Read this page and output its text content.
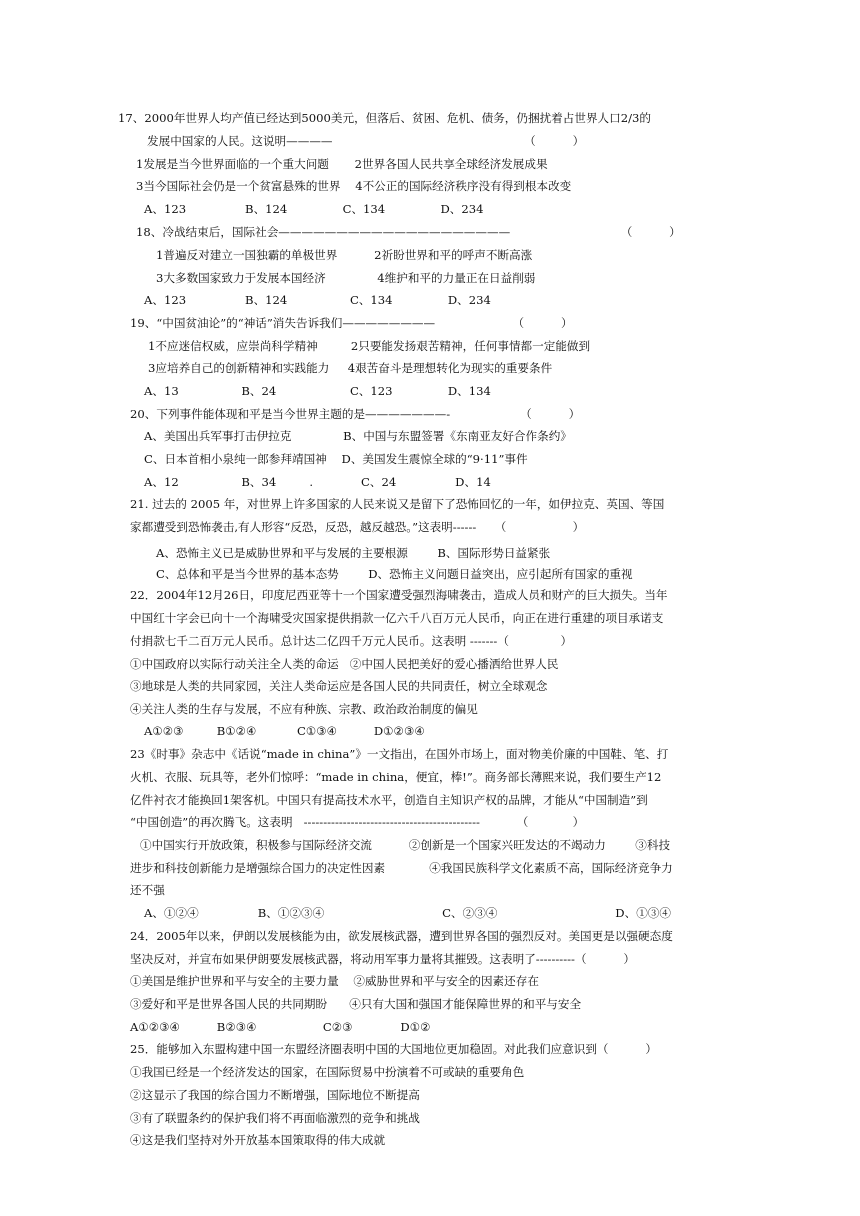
17、2000年世界人均产值已经达到5000美元，但落后、贫困、危机、债务，仍捆扰着占世界人口2/3的
发展中国家的人民。这说明————                                                    （          ）
1发展是当今世界面临的一个重大问题       2世界各国人民共享全球经济发展成果
3当今国际社会仍是一个贫富悬殊的世界    4不公正的国际经济秩序没有得到根本改变
A、123                B、124               C、134               D、234
18、冷战结束后，国际社会————————————————————                              （          ）
1普遍反对建立一国独霸的单极世界          2祈盼世界和平的呼声不断高涨
3大多数国家致力于发展本国经济              4维护和平的力量正在日益削弱
A、123                B、124                 C、134               D、234
19、“中国贫油论”的“神话”消失告诉我们————————                     （          ）
1不应迷信权威，应崇尚科学精神         2只要能发扬艰苦精神，任何事情都一定能做到
3应培养自己的创新精神和实践能力     4艰苦奋斗是理想转化为现实的重要条件
A、13                 B、24                    C、123               D、134
20、下列事件能体现和平是当今世界主题的是———————-                   （          ）
A、美国出兵军事打击伊拉克              B、中国与东盟签署《东南亚友好合作条约》
C、日本首相小泉纯一郎参拜靖国神    D、美国发生震惊全球的“9·11”事件
A、12                 B、34         .             C、24                D、14
21. 过去的 2005 年，对世界上许多国家的人民来说又是留下了恐怖回忆的一年，如伊拉克、英国、等国
家都遭受到恐怖袭击,有人形容“反恐，反恐，越反越恐。”这表明------     （                  ）
A、恐怖主义已是威胁世界和平与发展的主要根源        B、国际形势日益紧张
C、总体和平是当今世界的基本态势        D、恐怖主义问题日益突出，应引起所有国家的重视
22．2004年12月26日，印度尼西亚等十一个国家遭受强烈海啸袭击，造成人员和财产的巨大损失。当年
中国红十字会已向十一个海啸受灾国家提供捐款一亿六千八百万元人民币，向正在进行重建的项目承诺支
付捐款七千二百万元人民币。总计达二亿四千万元人民币。这表明 -------（              ）
①中国政府以实际行动关注全人类的命运   ②中国人民把美好的爱心播洒给世界人民
③地球是人类的共同家园，关注人类命运应是各国人民的共同责任，树立全球观念
④关注人类的生存与发展，不应有种族、宗教、政治政治制度的偏见
A①②③         B①②④           C①③④          D①②③④
23《时事》杂志中《话说“made in china”》一文指出，在国外市场上，面对物美价廉的中国鞋、笔、打
火机、衣服、玩具等，老外们惊呼：“made in china，便宜，棒!”。商务部长薄熙来说，我们要生产12
亿件衬衣才能换回1架客机。中国只有提高技术水平，创造自主知识产权的品牌，才能从“中国制造”到
“中国创造”的再次腾飞。这表明   ---------------------------------------------          （            ）
①中国实行开放政策，积极参与国际经济交流          ②创新是一个国家兴旺发达的不竭动力        ③科技
进步和科技创新能力是增强综合国力的决定性因素            ④我国民族科学文化素质不高，国际经济竞争力
还不强
A、①②④                B、①②③④                                C、②③④                                D、①③④
24．2005年以来，伊朗以发展核能为由，欲发展核武器，遭到世界各国的强烈反对。美国更是以强硬态度
坚决反对，并宣布如果伊朗要发展核武器，将动用军事力量将其摧毁。这表明了----------（          ）
①美国是维护世界和平与安全的主要力量    ②威胁世界和平与安全的因素还存在
③爱好和平是世界各国人民的共同期盼      ④只有大国和强国才能保障世界的和平与安全
A①②③④          B②③④                  C②③             D①②
25．能够加入东盟构建中国一东盟经济圈表明中国的大国地位更加稳固。对此我们应意识到（          ）
①我国已经是一个经济发达的国家，在国际贸易中扮演着不可或缺的重要角色
②这显示了我国的综合国力不断增强，国际地位不断提高
③有了联盟条约的保护我们将不再面临激烈的竞争和挑战
④这是我们坚持对外开放基本国策取得的伟大成就
